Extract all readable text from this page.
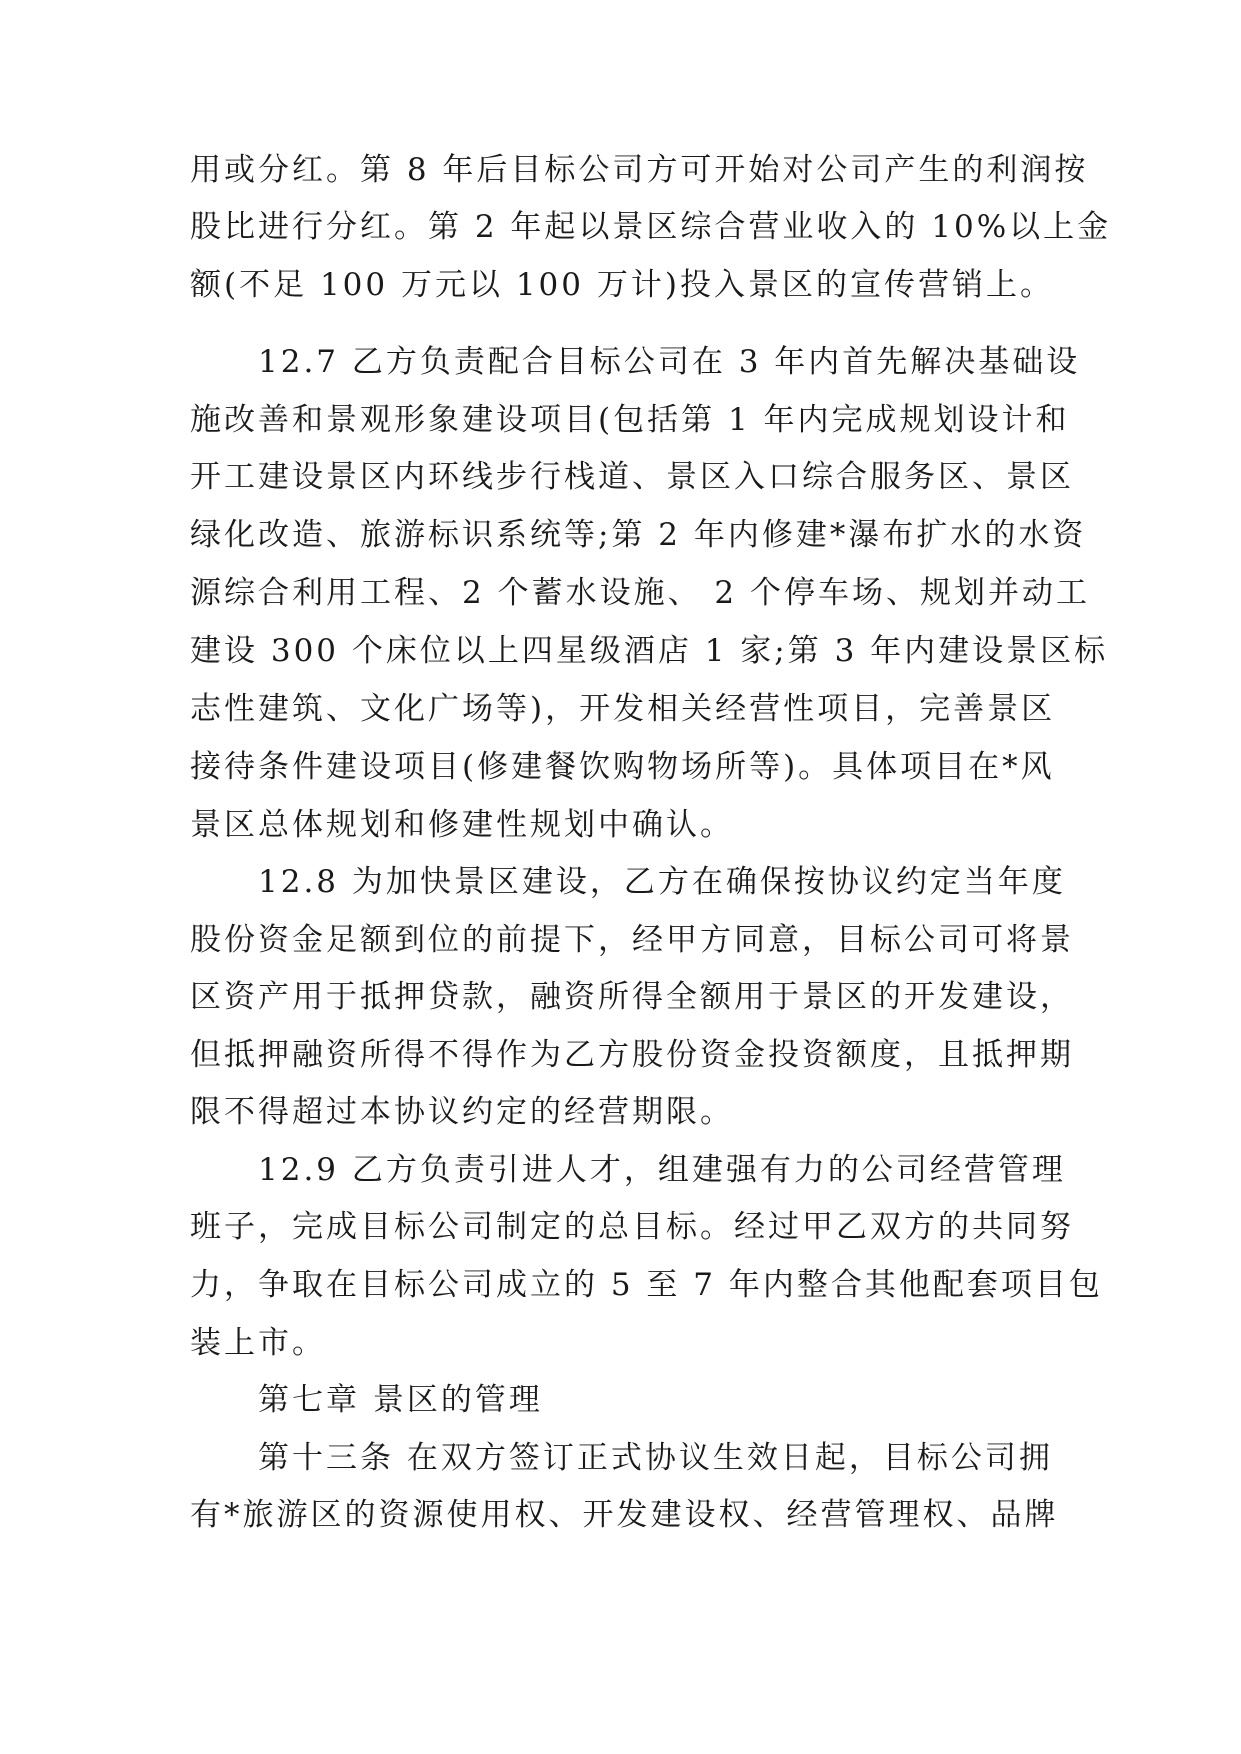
用或分红。第 8 年后目标公司方可开始对公司产生的利润按
股比进行分红。第 2 年起以景区综合营业收入的 10%以上金
额(不足 100 万元以 100 万计)投入景区的宣传营销上。
12.7 乙方负责配合目标公司在 3 年内首先解决基础设
施改善和景观形象建设项目(包括第 1 年内完成规划设计和
开工建设景区内环线步行栈道、景区入口综合服务区、景区
绿化改造、旅游标识系统等;第 2 年内修建*瀑布扩水的水资
源综合利用工程、2 个蓄水设施、 2 个停车场、规划并动工
建设 300 个床位以上四星级酒店 1 家;第 3 年内建设景区标
志性建筑、文化广场等)，开发相关经营性项目，完善景区
接待条件建设项目(修建餐饮购物场所等)。具体项目在*风
景区总体规划和修建性规划中确认。
12.8 为加快景区建设，乙方在确保按协议约定当年度
股份资金足额到位的前提下，经甲方同意，目标公司可将景
区资产用于抵押贷款，融资所得全额用于景区的开发建设，
但抵押融资所得不得作为乙方股份资金投资额度，且抵押期
限不得超过本协议约定的经营期限。
12.9 乙方负责引进人才，组建强有力的公司经营管理
班子，完成目标公司制定的总目标。经过甲乙双方的共同努
力，争取在目标公司成立的 5 至 7 年内整合其他配套项目包
装上市。
第七章 景区的管理
第十三条 在双方签订正式协议生效日起，目标公司拥
有*旅游区的资源使用权、开发建设权、经营管理权、品牌
